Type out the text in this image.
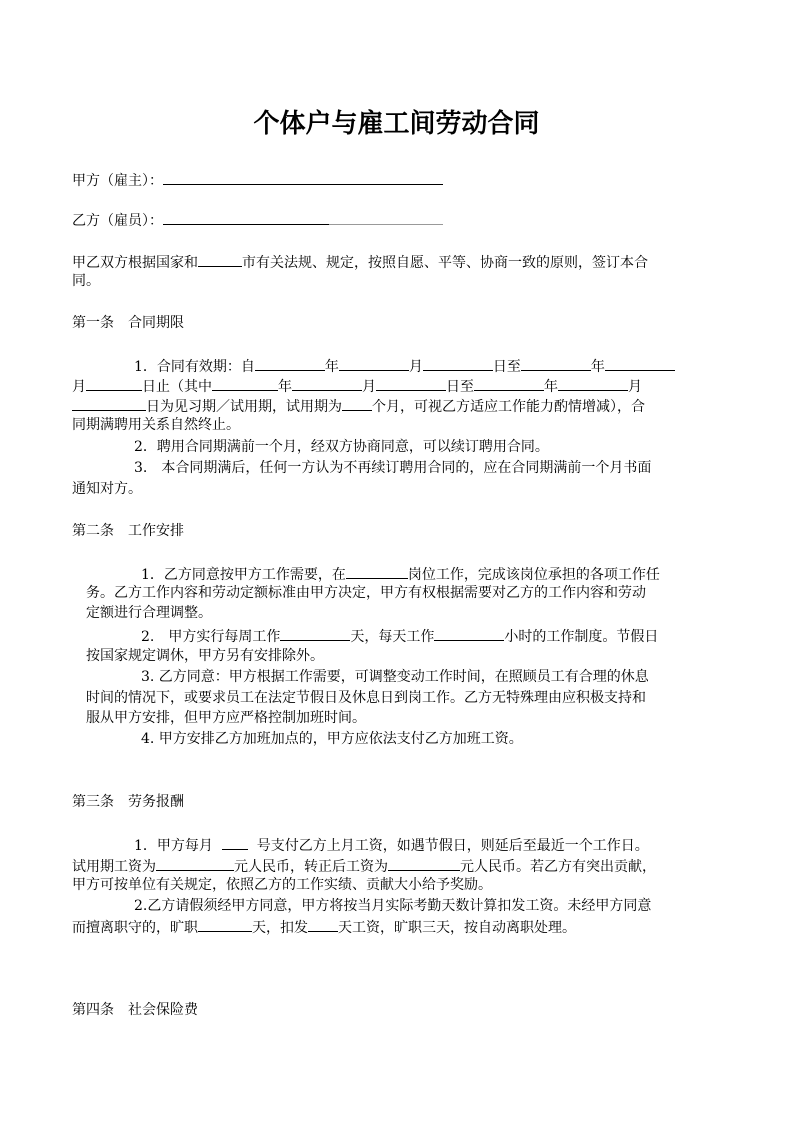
个体户与雇工间劳动合同

甲方（雇主）：

乙方（雇员）：

甲乙双方根据国家和	市有关法规、规定，按照自愿、平等、协商一致的原则，签订本合

同。

第一条　合同期限

1．合同有效期：自	年	月	日至	年

月	日止（其中	年	月	日至	年	月

日为见习期／试用期，试用期为 个月，可视乙方适应工作能力酌情增减），合

同期满聘用关系自然终止。

2．聘用合同期满前一个月，经双方协商同意，可以续订聘用合同。

3.　本合同期满后，任何一方认为不再续订聘用合同的，应在合同期满前一个月书面

通知对方。

第二条　工作安排

1．乙方同意按甲方工作需要，在	岗位工作，完成该岗位承担的各项工作任

务。乙方工作内容和劳动定额标准由甲方决定，甲方有权根据需要对乙方的工作内容和劳动

定额进行合理调整。

2.　甲方实行每周工作	天，每天工作	小时的工作制度。节假日

按国家规定调休，甲方另有安排除外。

3. 乙方同意：甲方根据工作需要，可调整变动工作时间，在照顾员工有合理的休息

时间的情况下，或要求员工在法定节假日及休息日到岗工作。乙方无特殊理由应积极支持和

服从甲方安排，但甲方应严格控制加班时间。

4. 甲方安排乙方加班加点的，甲方应依法支付乙方加班工资。

第三条　劳务报酬

1．甲方每月	号支付乙方上月工资，如遇节假日，则延后至最近一个工作日。

试用期工资为	元人民币，转正后工资为	元人民币。若乙方有突出贡献，

甲方可按单位有关规定，依照乙方的工作实绩、贡献大小给予奖励。

2.乙方请假须经甲方同意，甲方将按当月实际考勤天数计算扣发工资。未经甲方同意

而擅离职守的，旷职	天，扣发 天工资，旷职三天，按自动离职处理。

第四条　社会保险费
